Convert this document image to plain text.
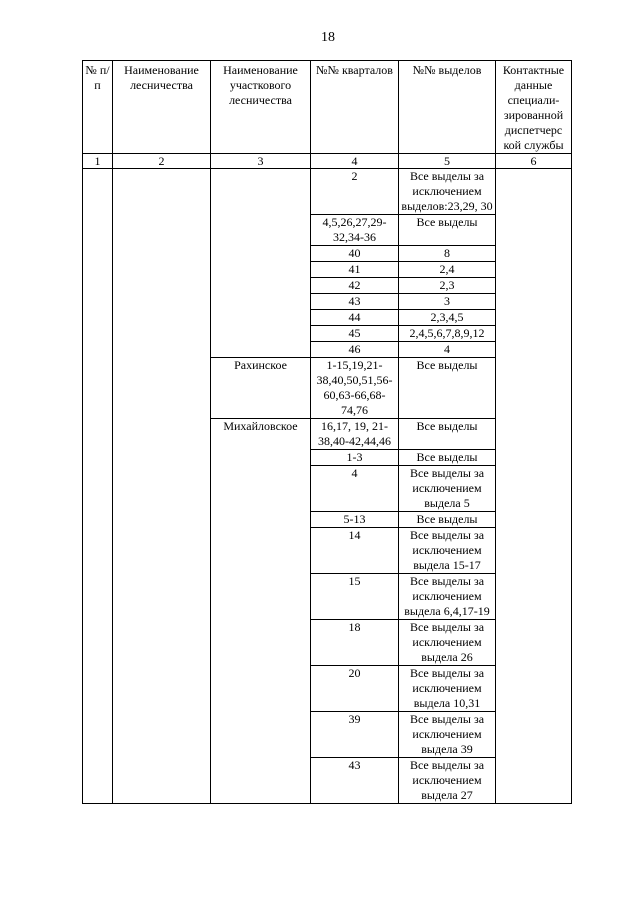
18
№ п/п	Наименование лесничества	Наименование участкового лесничества	№№ кварталов	№№ выделов	Контактные данные специали-зированной диспетчерс кой службы
1	2	3	4	5	6
			2	Все выделы за исключением выделов:23,29, 30	
			4,5,26,27,29-32,34-36	Все выделы	
			40	8	
			41	2,4	
			42	2,3	
			43	3	
			44	2,3,4,5	
			45	2,4,5,6,7,8,9,12	
			46	4	
		Рахинское	1-15,19,21-38,40,50,51,56-60,63-66,68-74,76	Все выделы	
		Михайловское	16,17, 19, 21-38,40-42,44,46	Все выделы	
			1-3	Все выделы	
			4	Все выделы за исключением выдела 5	
			5-13	Все выделы	
			14	Все выделы за исключением выдела 15-17	
			15	Все выделы за исключением выдела 6,4,17-19	
			18	Все выделы за исключением выдела 26	
			20	Все выделы за исключением выдела 10,31	
			39	Все выделы за исключением выдела 39	
			43	Все выделы за исключением выдела 27	
